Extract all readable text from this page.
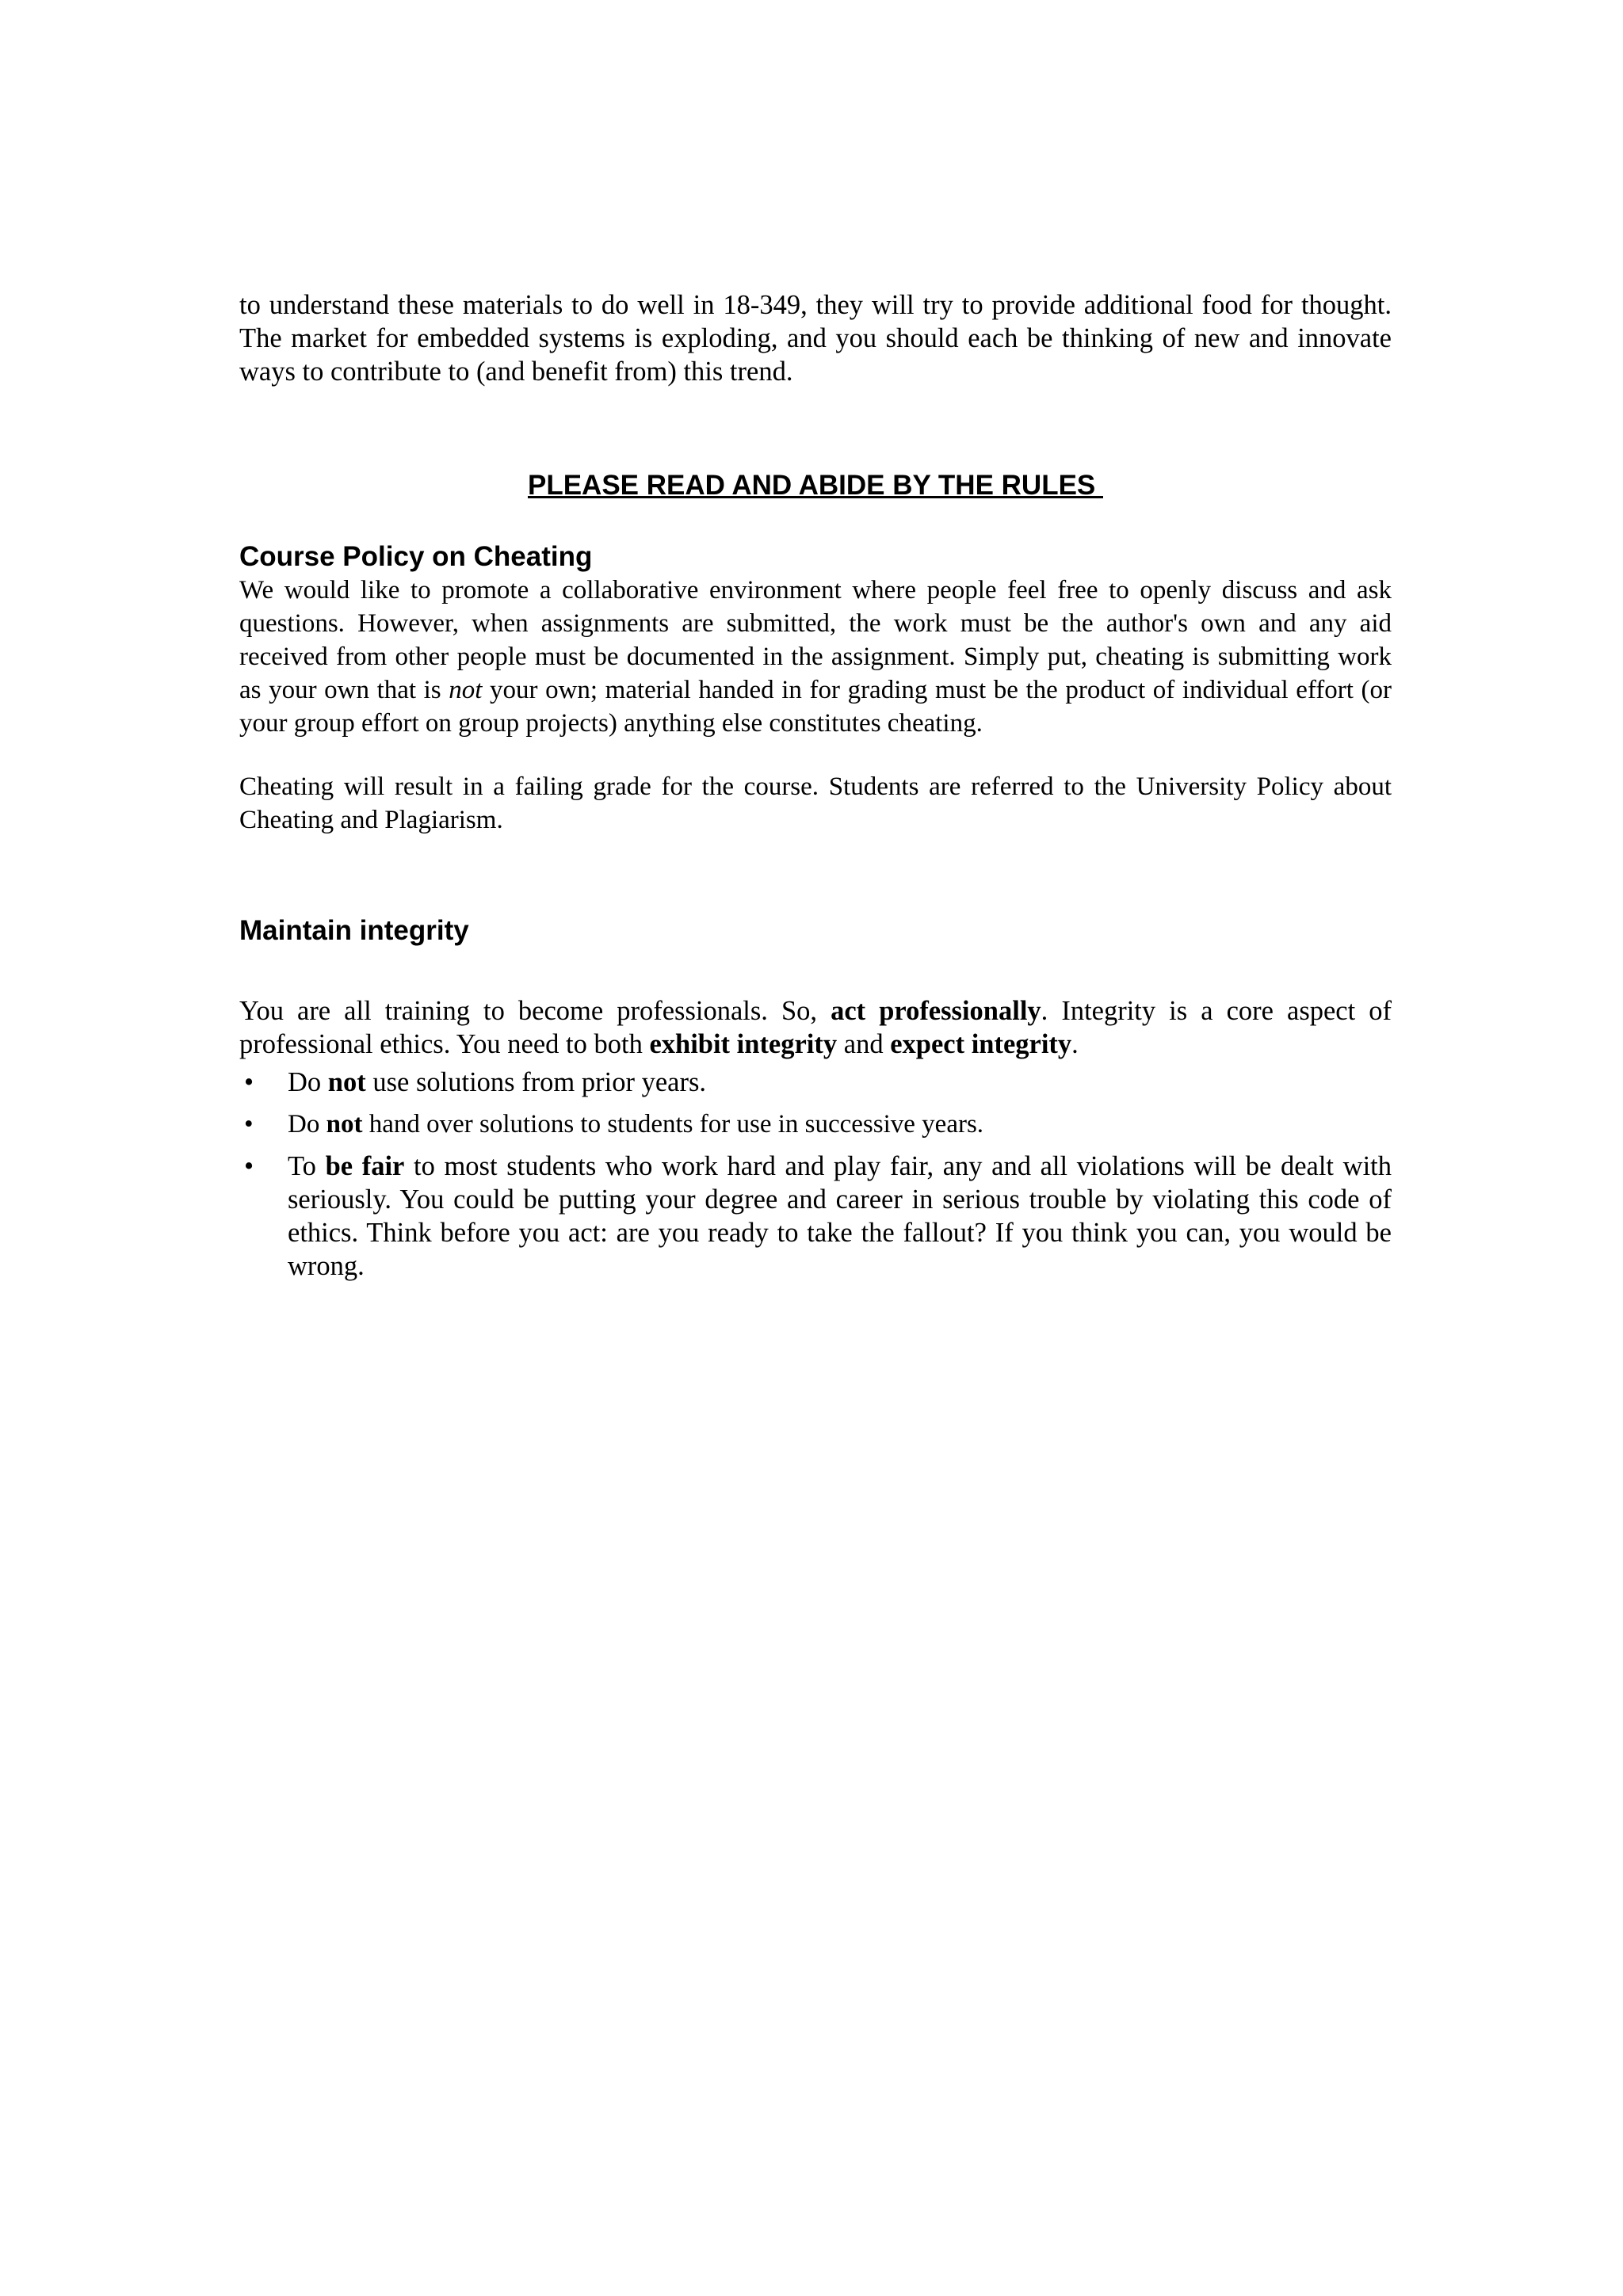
to understand these materials to do well in 18-349, they will try to provide additional food for thought. The market for embedded systems is exploding, and you should each be thinking of new and innovate ways to contribute to (and benefit from) this trend.

PLEASE READ AND ABIDE BY THE RULES

Course Policy on Cheating

We would like to promote a collaborative environment where people feel free to openly discuss and ask questions. However, when assignments are submitted, the work must be the author's own and any aid received from other people must be documented in the assignment. Simply put, cheating is submitting work as your own that is not your own; material handed in for grading must be the product of individual effort (or your group effort on group projects) anything else constitutes cheating.

Cheating will result in a failing grade for the course. Students are referred to the University Policy about Cheating and Plagiarism.

Maintain integrity

You are all training to become professionals. So, act professionally. Integrity is a core aspect of professional ethics. You need to both exhibit integrity and expect integrity.

• Do not use solutions from prior years.
• Do not hand over solutions to students for use in successive years.
• To be fair to most students who work hard and play fair, any and all violations will be dealt with seriously. You could be putting your degree and career in serious trouble by violating this code of ethics. Think before you act: are you ready to take the fallout? If you think you can, you would be wrong.
